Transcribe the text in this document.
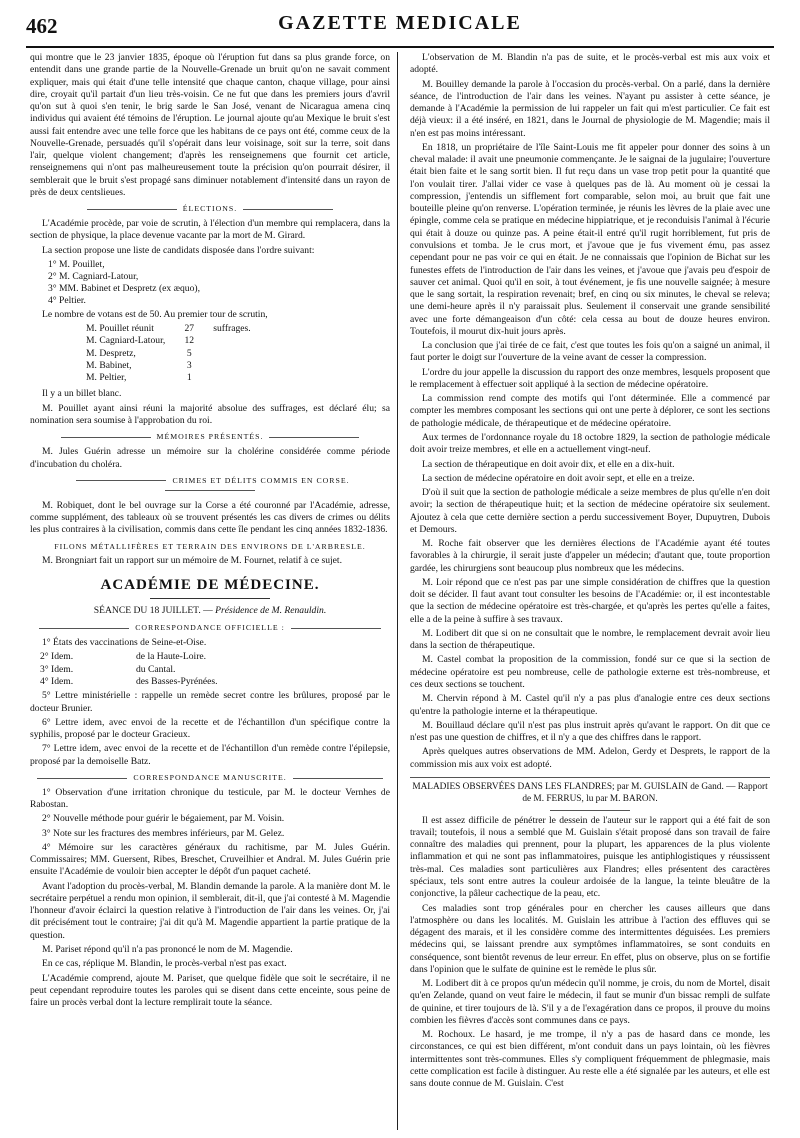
462	GAZETTE MEDICALE

qui montre que le 23 janvier 1835, époque où l'éruption fut dans sa plus grande force, on entendit dans une grande partie de la Nouvelle-Grenade un bruit qu'on ne savait comment expliquer, mais qui était d'une telle intensité que chaque canton, chaque village, pour ainsi dire, croyait qu'il partait d'un lieu très-voisin. Ce ne fut que dans les premiers jours d'avril qu'on sut à quoi s'en tenir, le brig sarde le San José, venant de Nicaragua amena cinq individus qui avaient été témoins de l'éruption. Le journal ajoute qu'au Mexique le bruit s'est aussi fait entendre avec une telle force que les habitans de ce pays ont été, comme ceux de la Nouvelle-Grenade, persuadés qu'il s'opérait dans leur voisinage, soit sur la terre, soit dans l'air, quelque violent changement; d'après les renseignemens que fournit cet article, renseignemens qui n'ont pas malheureusement toute la précision qu'on pourrait désirer, il semblerait que le bruit s'est propagé sans diminuer notablement d'intensité dans un rayon de près de deux centslieues.

ÉLECTIONS.

L'Académie procède, par voie de scrutin, à l'élection d'un membre qui remplacera, dans la section de physique, la place devenue vacante par la mort de M. Girard.

La section propose une liste de candidats disposée dans l'ordre suivant:

1° M. Pouillet,
2° M. Cagniard-Latour,
3° MM. Babinet et Despretz (ex æquo),
4° Peltier.

Le nombre de votans est de 50. Au premier tour de scrutin,

M. Pouillet réunit	27	suffrages.
M. Cagniard-Latour,	12	
M. Despretz,	5	
M. Babinet,	3	
M. Peltier,	1	

Il y a un billet blanc.

M. Pouillet ayant ainsi réuni la majorité absolue des suffrages, est déclaré élu; sa nomination sera soumise à l'approbation du roi.

MÉMOIRES PRÉSENTÉS.

M. Jules Guérin adresse un mémoire sur la cholérine considérée comme période d'incubation du choléra.

CRIMES ET DÉLITS COMMIS EN CORSE.

M. Robiquet, dont le bel ouvrage sur la Corse a été couronné par l'Académie, adresse, comme supplément, des tableaux où se trouvent présentés les cas divers de crimes ou délits les plus contraires à la civilisation, commis dans cette île pendant les cinq années 1832-1836.

FILONS MÉTALLIFÈRES ET TERRAIN DES ENVIRONS DE L'ARBRESLE.

M. Brongniart fait un rapport sur un mémoire de M. Fournet, relatif à ce sujet.

ACADÉMIE DE MÉDECINE.
SÉANCE DU 18 JUILLET. — Présidence de M. Renauldin.
CORRESPONDANCE OFFICIELLE :

1° États des vaccinations de Seine-et-Oise.

2° Idem.	de la Haute-Loire.
3° Idem.	du Cantal.
4° Idem.	des Basses-Pyrénées.

5° Lettre ministérielle : rappelle un remède secret contre les brûlures, proposé par le docteur Brunier.

6° Lettre idem, avec envoi de la recette et de l'échantillon d'un spécifique contre la syphilis, proposé par le docteur Gracieux.

7° Lettre idem, avec envoi de la recette et de l'échantillon d'un remède contre l'épilepsie, proposé par la demoiselle Batz.

CORRESPONDANCE MANUSCRITE.

1° Observation d'une irritation chronique du testicule, par M. le docteur Vernhes de Rabostan.

2° Nouvelle méthode pour guérir le bégaiement, par M. Voisin.

3° Note sur les fractures des membres inférieurs, par M. Gelez.

4° Mémoire sur les caractères généraux du rachitisme, par M. Jules Guérin. Commissaires; MM. Guersent, Ribes, Breschet, Cruveilhier et Andral. M. Jules Guérin prie ensuite l'Académie de vouloir bien accepter le dépôt d'un paquet cacheté.

Avant l'adoption du procès-verbal, M. Blandin demande la parole. A la manière dont M. le secrétaire perpétuel a rendu mon opinion, il semblerait, dit-il, que j'ai contesté à M. Magendie l'honneur d'avoir éclairci la question relative à l'introduction de l'air dans les veines. Or, j'ai dit précisément tout le contraire; j'ai dit qu'à M. Magendie appartient la partie pratique de la question.

M. Pariset répond qu'il n'a pas prononcé le nom de M. Magendie.

En ce cas, réplique M. Blandin, le procès-verbal n'est pas exact.

L'Académie comprend, ajoute M. Pariset, que quelque fidèle que soit le secrétaire, il ne peut cependant reproduire toutes les paroles qui se disent dans cette enceinte, sous peine de faire un procès verbal dont la lecture remplirait toute la séance.

L'observation de M. Blandin n'a pas de suite, et le procès-verbal est mis aux voix et adopté.

M. Bouilley demande la parole à l'occasion du procès-verbal. On a parlé, dans la dernière séance, de l'introduction de l'air dans les veines. N'ayant pu assister à cette séance, je demande à l'Académie la permission de lui rappeler un fait qui m'est particulier. Ce fait est déjà vieux: il a été inséré, en 1821, dans le Journal de physiologie de M. Magendie; mais il n'en est pas moins intéressant.

En 1818, un propriétaire de l'île Saint-Louis me fit appeler pour donner des soins à un cheval malade: il avait une pneumonie commençante. Je le saignai de la jugulaire; l'ouverture était bien faite et le sang sortit bien. Il fut reçu dans un vase trop petit pour la quantité que l'on voulait tirer. J'allai vider ce vase à quelques pas de là. Au moment où je cessai la compression, j'entendis un sifflement fort comparable, selon moi, au bruit que fait une bouteille pleine qu'on renverse. L'opération terminée, je réunis les lèvres de la plaie avec une épingle, comme cela se pratique en médecine hippiatrique, et je reconduisis l'animal à l'écurie qui était à douze ou quinze pas. A peine était-il entré qu'il rugit horriblement, fut pris de convulsions et tomba. Je le crus mort, et j'avoue que je fus vivement ému, pas assez cependant pour ne pas voir ce qui en était. Je ne connaissais que l'opinion de Bichat sur les funestes effets de l'introduction de l'air dans les veines, et j'avoue que j'avais peu d'espoir de sauver cet animal. Quoi qu'il en soit, à tout événement, je fis une nouvelle saignée; à mesure que le sang sortait, la respiration revenait; bref, en cinq ou six minutes, le cheval se releva; une demi-heure après il n'y paraissait plus. Seulement il conservait une grande sensibilité avec une forte démangeaison d'un côté: cela cessa au bout de douze heures environ. Toutefois, il mourut dix-huit jours après.

La conclusion que j'ai tirée de ce fait, c'est que toutes les fois qu'on a saigné un animal, il faut porter le doigt sur l'ouverture de la veine avant de cesser la compression.

L'ordre du jour appelle la discussion du rapport des onze membres, lesquels proposent que le remplacement à effectuer soit appliqué à la section de médecine opératoire.

La commission rend compte des motifs qui l'ont déterminée. Elle a commencé par compter les membres composant les sections qui ont une perte à déplorer, ce sont les sections de pathologie médicale, de thérapeutique et de médecine opératoire.

Aux termes de l'ordonnance royale du 18 octobre 1829, la section de pathologie médicale doit avoir treize membres, et elle en a actuellement vingt-neuf.

La section de thérapeutique en doit avoir dix, et elle en a dix-huit.

La section de médecine opératoire en doit avoir sept, et elle en a treize.

D'où il suit que la section de pathologie médicale a seize membres de plus qu'elle n'en doit avoir; la section de thérapeutique huit; et la section de médecine opératoire six seulement. Ajoutez à cela que cette dernière section a perdu successivement Boyer, Dupuytren, Dubois et Demours.

M. Roche fait observer que les dernières élections de l'Académie ayant été toutes favorables à la chirurgie, il serait juste d'appeler un médecin; d'autant que, toute proportion gardée, les chirurgiens sont beaucoup plus nombreux que les médecins.

M. Loir répond que ce n'est pas par une simple considération de chiffres que la question doit se décider. Il faut avant tout consulter les besoins de l'Académie: or, il est incontestable que la section de médecine opératoire est très-chargée, et qu'après les pertes qu'elle a faites, elle a de la peine à suffire à ses travaux.

M. Lodibert dit que si on ne consultait que le nombre, le remplacement devrait avoir lieu dans la section de thérapeutique.

M. Castel combat la proposition de la commission, fondé sur ce que si la section de médecine opératoire est peu nombreuse, celle de pathologie externe est très-nombreuse, et ces deux sections se touchent.

M. Chervin répond à M. Castel qu'il n'y a pas plus d'analogie entre ces deux sections qu'entre la pathologie interne et la thérapeutique.

M. Bouillaud déclare qu'il n'est pas plus instruit après qu'avant le rapport. On dit que ce n'est pas une question de chiffres, et il n'y a que des chiffres dans le rapport.

Après quelques autres observations de MM. Adelon, Gerdy et Desprets, le rapport de la commission mis aux voix est adopté.

MALADIES OBSERVÉES DANS LES FLANDRES; par M. GUISLAIN de Gand. — Rapport de M. FERRUS, lu par M. BARON.

Il est assez difficile de pénétrer le dessein de l'auteur sur le rapport qui a été fait de son travail; toutefois, il nous a semblé que M. Guislain s'était proposé dans son travail de faire connaître des maladies qui prennent, pour la plupart, les apparences de la plus violente inflammation et qui ne sont pas inflammatoires, puisque les antiphlogistiques y réussissent très-mal. Ces maladies sont particulières aux Flandres; elles présentent des caractères spéciaux, tels sont entre autres la couleur ardoisée de la langue, la teinte bleuâtre de la conjonctive, la pâleur cachectique de la peau, etc.

Ces maladies sont trop générales pour en chercher les causes ailleurs que dans l'atmosphère ou dans les localités. M. Guislain les attribue à l'action des effluves qui se dégagent des marais, et il les considère comme des intermittentes déguisées. Les premiers médecins qui, se laissant prendre aux symptômes inflammatoires, se sont conduits en conséquence, sont bientôt revenus de leur erreur. En effet, plus on observe, plus on se fortifie dans l'opinion que le sulfate de quinine est le remède le plus sûr.

M. Lodibert dit à ce propos qu'un médecin qu'il nomme, je crois, du nom de Mortel, disait qu'en Zelande, quand on veut faire le médecin, il faut se munir d'un bissac rempli de sulfate de quinine, et tirer toujours de là. S'il y a de l'exagération dans ce propos, il prouve du moins combien les fièvres d'accès sont communes dans ce pays.

M. Rochoux. Le hasard, je me trompe, il n'y a pas de hasard dans ce monde, les circonstances, ce qui est bien différent, m'ont conduit dans un pays lointain, où les fièvres intermittentes sont très-communes. Elles s'y compliquent fréquemment de phlegmasie, mais cette complication est facile à distinguer. Au reste elle a été signalée par les auteurs, et elle est sans doute connue de M. Guislain. C'est
